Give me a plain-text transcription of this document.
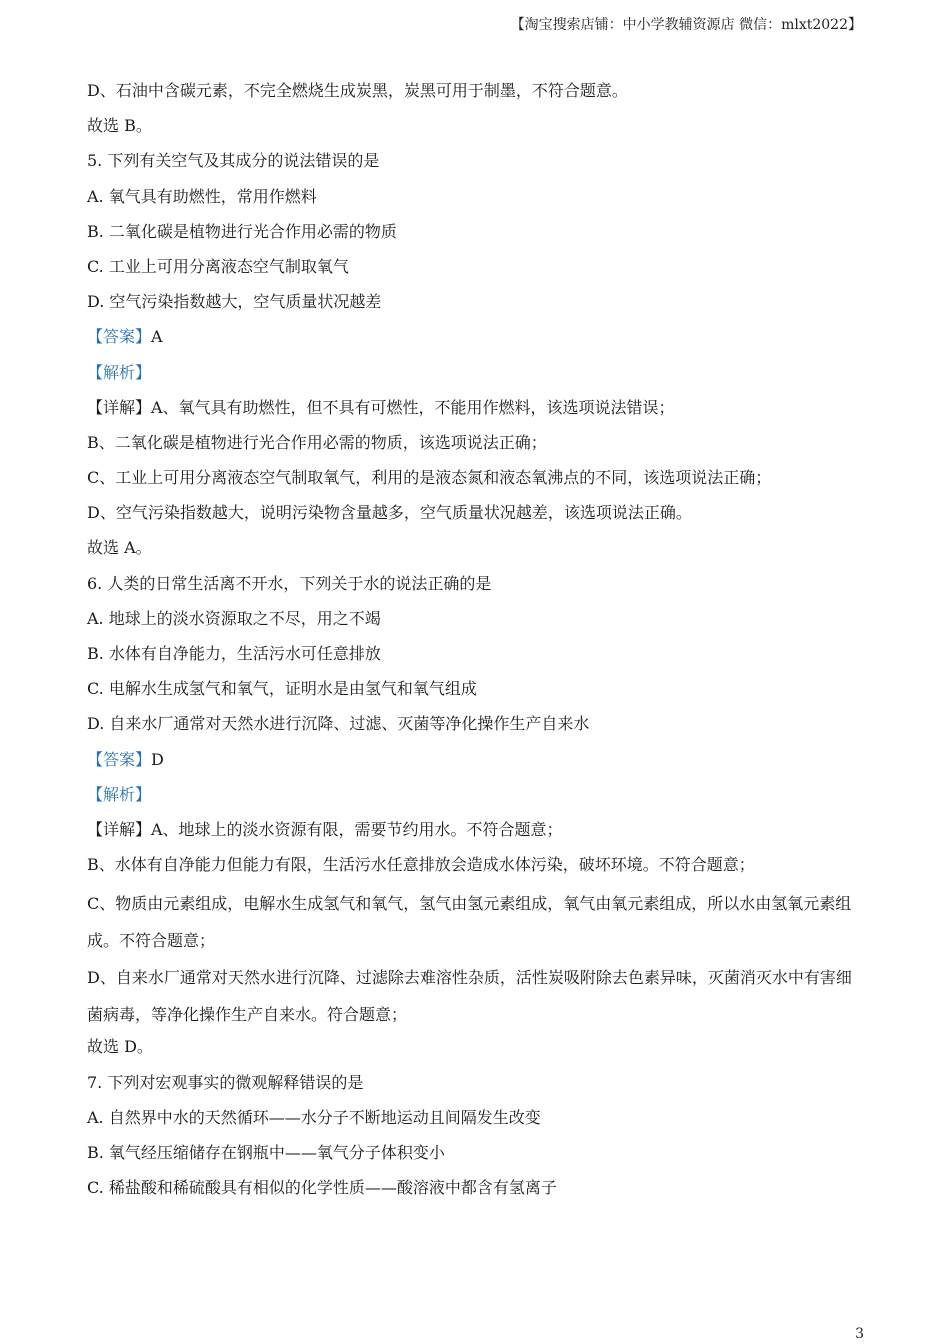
【淘宝搜索店铺：中小学教辅资源店 微信：mlxt2022】
D、石油中含碳元素，不完全燃烧生成炭黑，炭黑可用于制墨，不符合题意。
故选 B。
5. 下列有关空气及其成分的说法错误的是
A. 氧气具有助燃性，常用作燃料
B. 二氧化碳是植物进行光合作用必需的物质
C. 工业上可用分离液态空气制取氧气
D. 空气污染指数越大，空气质量状况越差
【答案】A
【解析】
【详解】A、氧气具有助燃性，但不具有可燃性，不能用作燃料，该选项说法错误；
B、二氧化碳是植物进行光合作用必需的物质，该选项说法正确；
C、工业上可用分离液态空气制取氧气，利用的是液态氮和液态氧沸点的不同，该选项说法正确；
D、空气污染指数越大，说明污染物含量越多，空气质量状况越差，该选项说法正确。
故选 A。
6. 人类的日常生活离不开水，下列关于水的说法正确的是
A. 地球上的淡水资源取之不尽，用之不竭
B. 水体有自净能力，生活污水可任意排放
C. 电解水生成氢气和氧气，证明水是由氢气和氧气组成
D. 自来水厂通常对天然水进行沉降、过滤、灭菌等净化操作生产自来水
【答案】D
【解析】
【详解】A、地球上的淡水资源有限，需要节约用水。不符合题意；
B、水体有自净能力但能力有限，生活污水任意排放会造成水体污染，破坏环境。不符合题意；
C、物质由元素组成，电解水生成氢气和氧气，氢气由氢元素组成，氧气由氧元素组成，所以水由氢氧元素组成。不符合题意；
D、自来水厂通常对天然水进行沉降、过滤除去难溶性杂质，活性炭吸附除去色素异味，灭菌消灭水中有害细菌病毒，等净化操作生产自来水。符合题意；
故选 D。
7. 下列对宏观事实的微观解释错误的是
A. 自然界中水的天然循环——水分子不断地运动且间隔发生改变
B. 氧气经压缩储存在钢瓶中——氧气分子体积变小
C. 稀盐酸和稀硫酸具有相似的化学性质——酸溶液中都含有氢离子
3
